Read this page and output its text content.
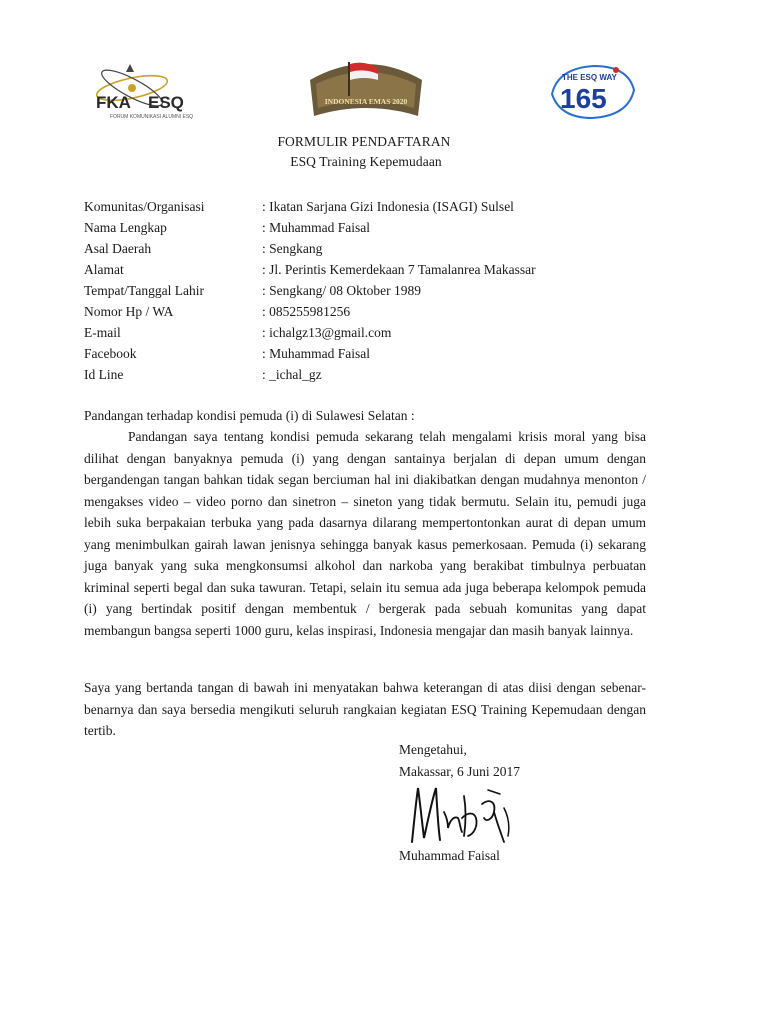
FKA ESQ
FORUM KOMUNIKASI ALUMNI ESQ
INDONESIA EMAS 2020
THE ESQ WAY
165
FORMULIR PENDAFTARAN
ESQ Training Kepemudaan
Komunitas/Organisasi	: Ikatan Sarjana Gizi Indonesia (ISAGI) Sulsel
Nama Lengkap	: Muhammad Faisal
Asal Daerah	: Sengkang
Alamat	: Jl. Perintis Kemerdekaan 7 Tamalanrea Makassar
Tempat/Tanggal Lahir	: Sengkang/ 08 Oktober 1989
Nomor Hp / WA	: 085255981256
E-mail	: ichalgz13@gmail.com
Facebook	: Muhammad Faisal
Id Line	: _ichal_gz
Pandangan terhadap kondisi pemuda (i) di Sulawesi Selatan :
Pandangan saya tentang kondisi pemuda sekarang telah mengalami krisis moral yang bisa dilihat dengan banyaknya pemuda (i) yang dengan santainya berjalan di depan umum dengan bergandengan tangan bahkan tidak segan berciuman hal ini diakibatkan dengan mudahnya menonton / mengakses video – video porno dan sinetron – sineton yang tidak bermutu. Selain itu, pemudi juga lebih suka berpakaian terbuka yang pada dasarnya dilarang mempertontonkan aurat di depan umum yang menimbulkan gairah lawan jenisnya sehingga banyak kasus pemerkosaan. Pemuda (i) sekarang juga banyak yang suka mengkonsumsi alkohol dan narkoba yang berakibat timbulnya perbuatan kriminal seperti begal dan suka tawuran. Tetapi, selain itu semua ada juga beberapa kelompok pemuda (i) yang bertindak positif dengan membentuk / bergerak pada sebuah komunitas yang dapat membangun bangsa seperti 1000 guru, kelas inspirasi, Indonesia mengajar dan masih banyak lainnya.
Saya yang bertanda tangan di bawah ini menyatakan bahwa keterangan di atas diisi dengan sebenar-benarnya dan saya bersedia mengikuti seluruh rangkaian kegiatan ESQ Training Kepemudaan dengan tertib.
Mengetahui,
Makassar, 6 Juni 2017
Muhammad Faisal
